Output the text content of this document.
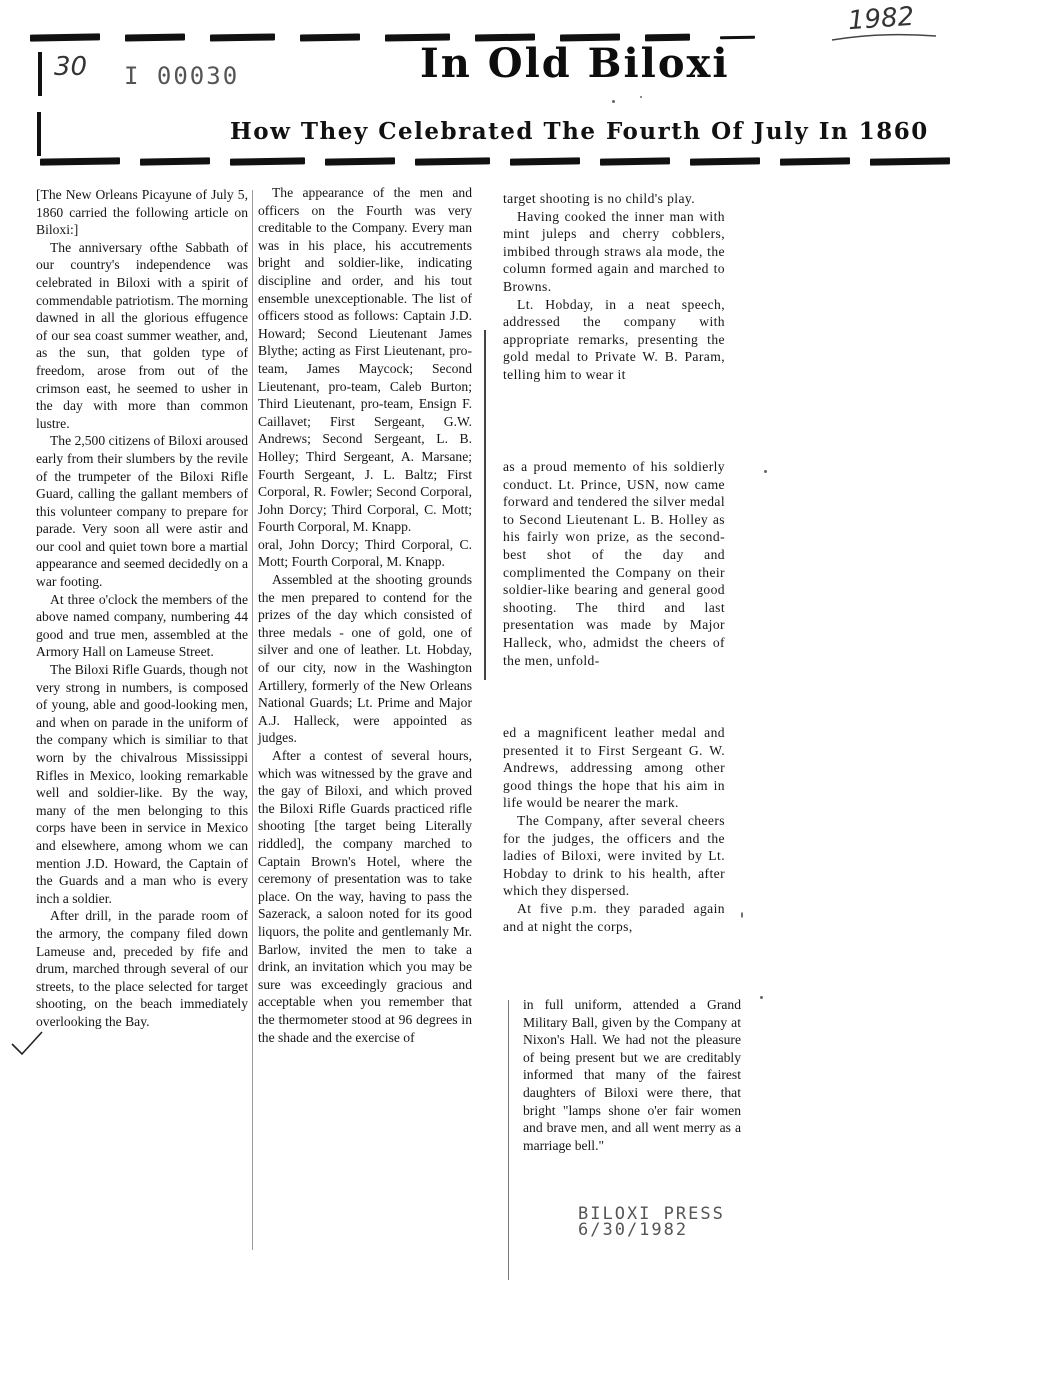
1982
30 I 00030	In Old Biloxi
How They Celebrated The Fourth Of July In 1860

[The New Orleans Picayune of July 5, 1860 carried the following article on Biloxi:]

The anniversary ofthe Sabbath of our country's independence was celebrated in Biloxi with a spirit of commendable patriotism. The morning dawned in all the glorious effugence of our sea coast summer weather, and, as the sun, that golden type of freedom, arose from out of the crimson east, he seemed to usher in the day with more than common lustre.

The 2,500 citizens of Biloxi aroused early from their slumbers by the revile of the trumpeter of the Biloxi Rifle Guard, calling the gallant members of this volunteer company to prepare for parade. Very soon all were astir and our cool and quiet town bore a martial appearance and seemed decidedly on a war footing.

At three o'clock the members of the above named company, numbering 44 good and true men, assembled at the Armory Hall on Lameuse Street.

The Biloxi Rifle Guards, though not very strong in numbers, is composed of young, able and good-looking men, and when on parade in the uniform of the company which is similiar to that worn by the chivalrous Mississippi Rifles in Mexico, looking remarkable well and soldier-like. By the way, many of the men belonging to this corps have been in service in Mexico and elsewhere, among whom we can mention J.D. Howard, the Captain of the Guards and a man who is every inch a soldier.

After drill, in the parade room of the armory, the company filed down Lameuse and, preceded by fife and drum, marched through several of our streets, to the place selected for target shooting, on the beach immediately overlooking the Bay.

The appearance of the men and officers on the Fourth was very creditable to the Company. Every man was in his place, his accutrements bright and soldier-like, indicating discipline and order, and his tout ensemble unexceptionable. The list of officers stood as follows: Captain J.D. Howard; Second Lieutenant James Blythe; acting as First Lieutenant, pro-team, James Maycock; Second Lieutenant, pro-team, Caleb Burton; Third Lieutenant, pro-team, Ensign F. Caillavet; First Sergeant, G.W. Andrews; Second Sergeant, L. B. Holley; Third Sergeant, A. Marsane; Fourth Sergeant, J. L. Baltz; First Corporal, R. Fowler; Second Corporal, John Dorcy; Third Corporal, C. Mott; Fourth Corporal, M. Knapp.

oral, John Dorcy; Third Corporal, C. Mott; Fourth Corporal, M. Knapp.

Assembled at the shooting grounds the men prepared to contend for the prizes of the day which consisted of three medals - one of gold, one of silver and one of leather. Lt. Hobday, of our city, now in the Washington Artillery, formerly of the New Orleans National Guards; Lt. Prime and Major A.J. Halleck, were appointed as judges.

After a contest of several hours, which was witnessed by the grave and the gay of Biloxi, and which proved the Biloxi Rifle Guards practiced rifle shooting [the target being Literally riddled], the company marched to Captain Brown's Hotel, where the ceremony of presentation was to take place. On the way, having to pass the Sazerack, a saloon noted for its good liquors, the polite and gentlemanly Mr. Barlow, invited the men to take a drink, an invitation which you may be sure was exceedingly gracious and acceptable when you remember that the thermometer stood at 96 degrees in the shade and the exercise of

target shooting is no child's play.

Having cooked the inner man with mint juleps and cherry cobblers, imbibed through straws ala mode, the column formed again and marched to Browns.

Lt. Hobday, in a neat speech, addressed the company with appropriate remarks, presenting the gold medal to Private W. B. Param, telling him to wear it

as a proud memento of his soldierly conduct. Lt. Prince, USN, now came forward and tendered the silver medal to Second Lieutenant L. B. Holley as his fairly won prize, as the second-best shot of the day and complimented the Company on their soldier-like bearing and general good shooting. The third and last presentation was made by Major Halleck, who, admidst the cheers of the men, unfold-

ed a magnificent leather medal and presented it to First Sergeant G. W. Andrews, addressing among other good things the hope that his aim in life would be nearer the mark.

The Company, after several cheers for the judges, the officers and the ladies of Biloxi, were invited by Lt. Hobday to drink to his health, after which they dispersed.

At five p.m. they paraded again and at night the corps,

in full uniform, attended a Grand Military Ball, given by the Company at Nixon's Hall. We had not the pleasure of being present but we are creditably informed that many of the fairest daughters of Biloxi were there, that bright "lamps shone o'er fair women and brave men, and all went merry as a marriage bell."

BILOXI PRESS
6/30/1982
